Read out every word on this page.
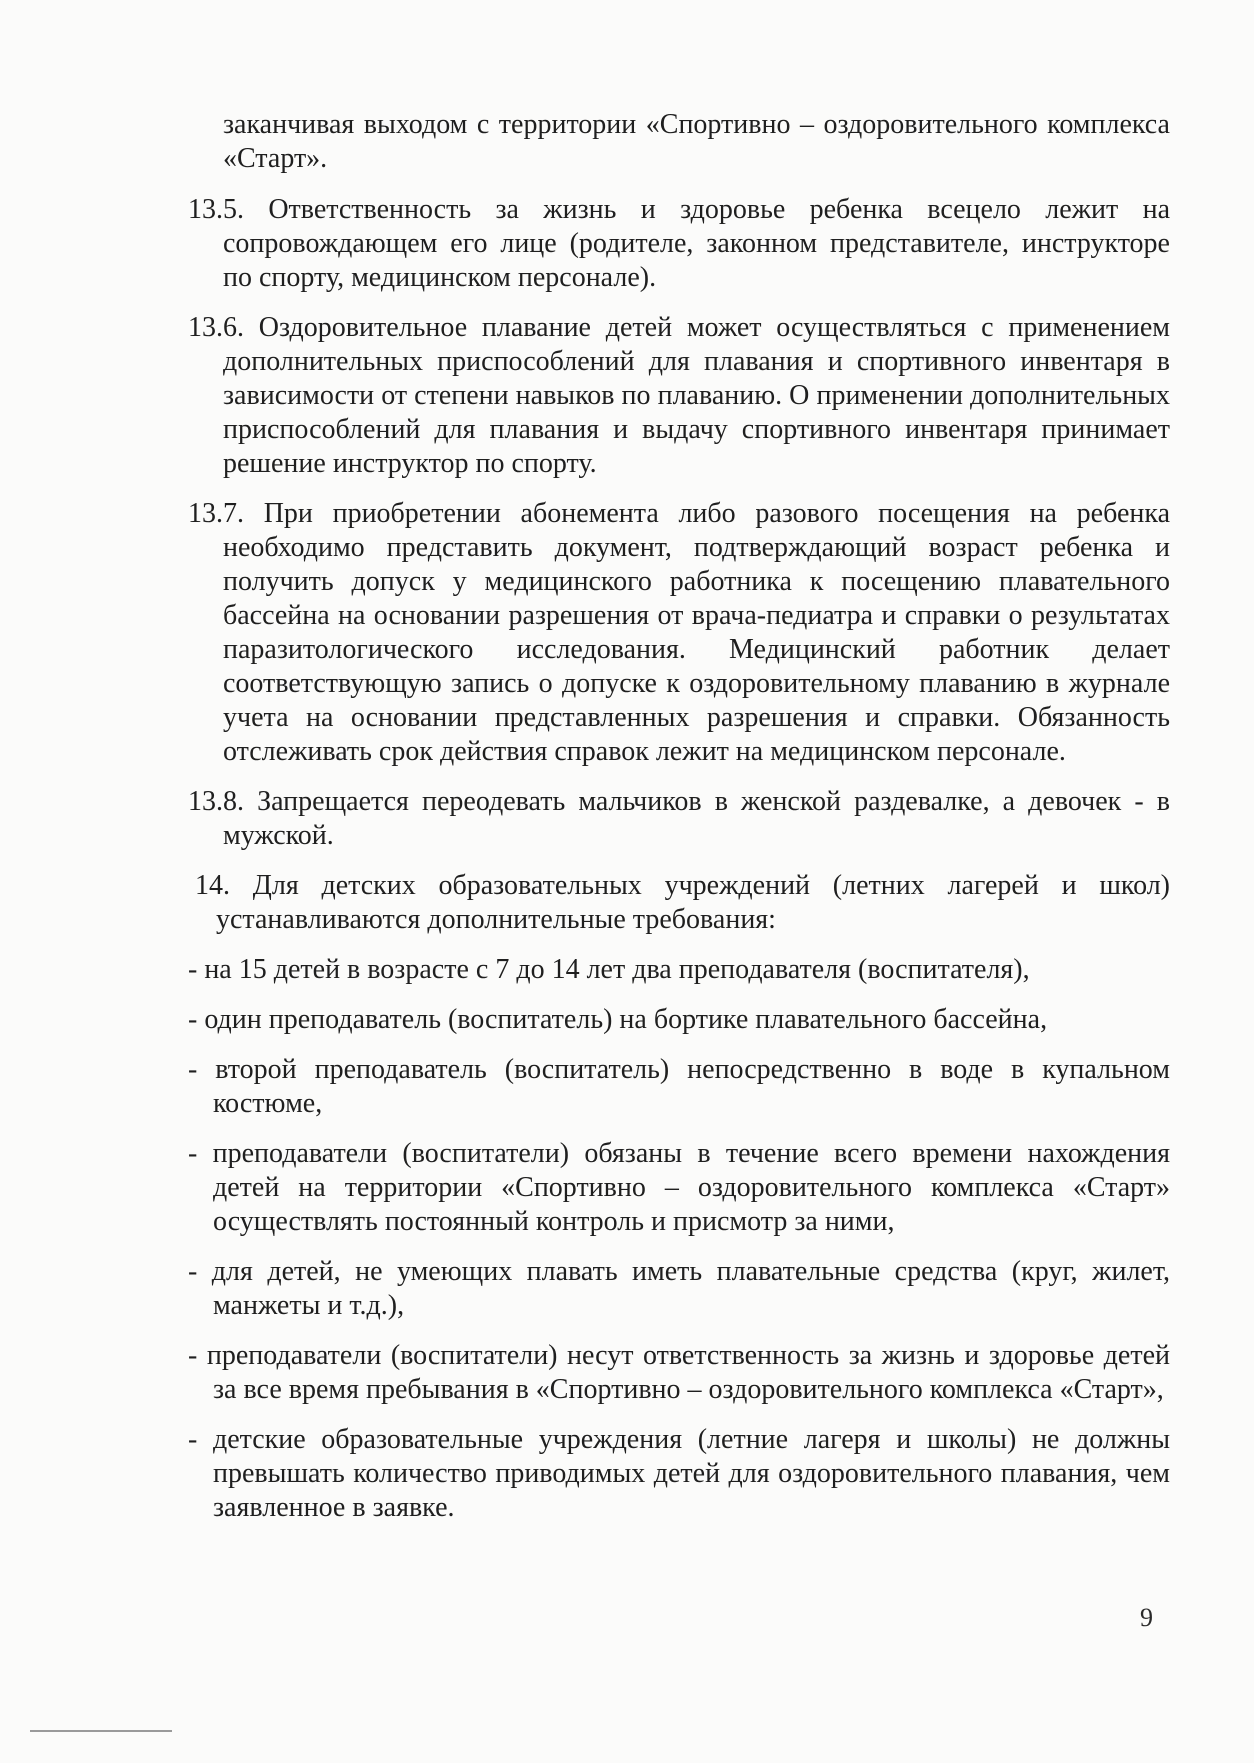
заканчивая выходом с территории «Спортивно – оздоровительного комплекса «Старт».

13.5. Ответственность за жизнь и здоровье ребенка всецело лежит на сопровождающем его лице (родителе, законном представителе, инструкторе по спорту, медицинском персонале).

13.6. Оздоровительное плавание детей может осуществляться с применением дополнительных приспособлений для плавания и спортивного инвентаря в зависимости от степени навыков по плаванию. О применении дополнительных приспособлений для плавания и выдачу спортивного инвентаря принимает решение инструктор по спорту.

13.7. При приобретении абонемента либо разового посещения на ребенка необходимо представить документ, подтверждающий возраст ребенка и получить допуск у медицинского работника к посещению плавательного бассейна на основании разрешения от врача-педиатра и справки о результатах паразитологического исследования. Медицинский работник делает соответствующую запись о допуске к оздоровительному плаванию в журнале учета на основании представленных разрешения и справки. Обязанность отслеживать срок действия справок лежит на медицинском персонале.

13.8. Запрещается переодевать мальчиков в женской раздевалке, а девочек - в мужской.

14. Для детских образовательных учреждений (летних лагерей и школ) устанавливаются дополнительные требования:

- на 15 детей в возрасте с 7 до 14 лет два преподавателя (воспитателя),

- один преподаватель (воспитатель) на бортике плавательного бассейна,

- второй преподаватель (воспитатель) непосредственно в воде в купальном костюме,

- преподаватели (воспитатели) обязаны в течение всего времени нахождения детей на территории «Спортивно – оздоровительного комплекса «Старт» осуществлять постоянный контроль и присмотр за ними,

- для детей, не умеющих плавать иметь плавательные средства (круг, жилет, манжеты и т.д.),

- преподаватели (воспитатели) несут ответственность за жизнь и здоровье детей за все время пребывания в «Спортивно – оздоровительного комплекса «Старт»,

- детские образовательные учреждения (летние лагеря и школы) не должны превышать количество приводимых детей для оздоровительного плавания, чем заявленное в заявке.

9
